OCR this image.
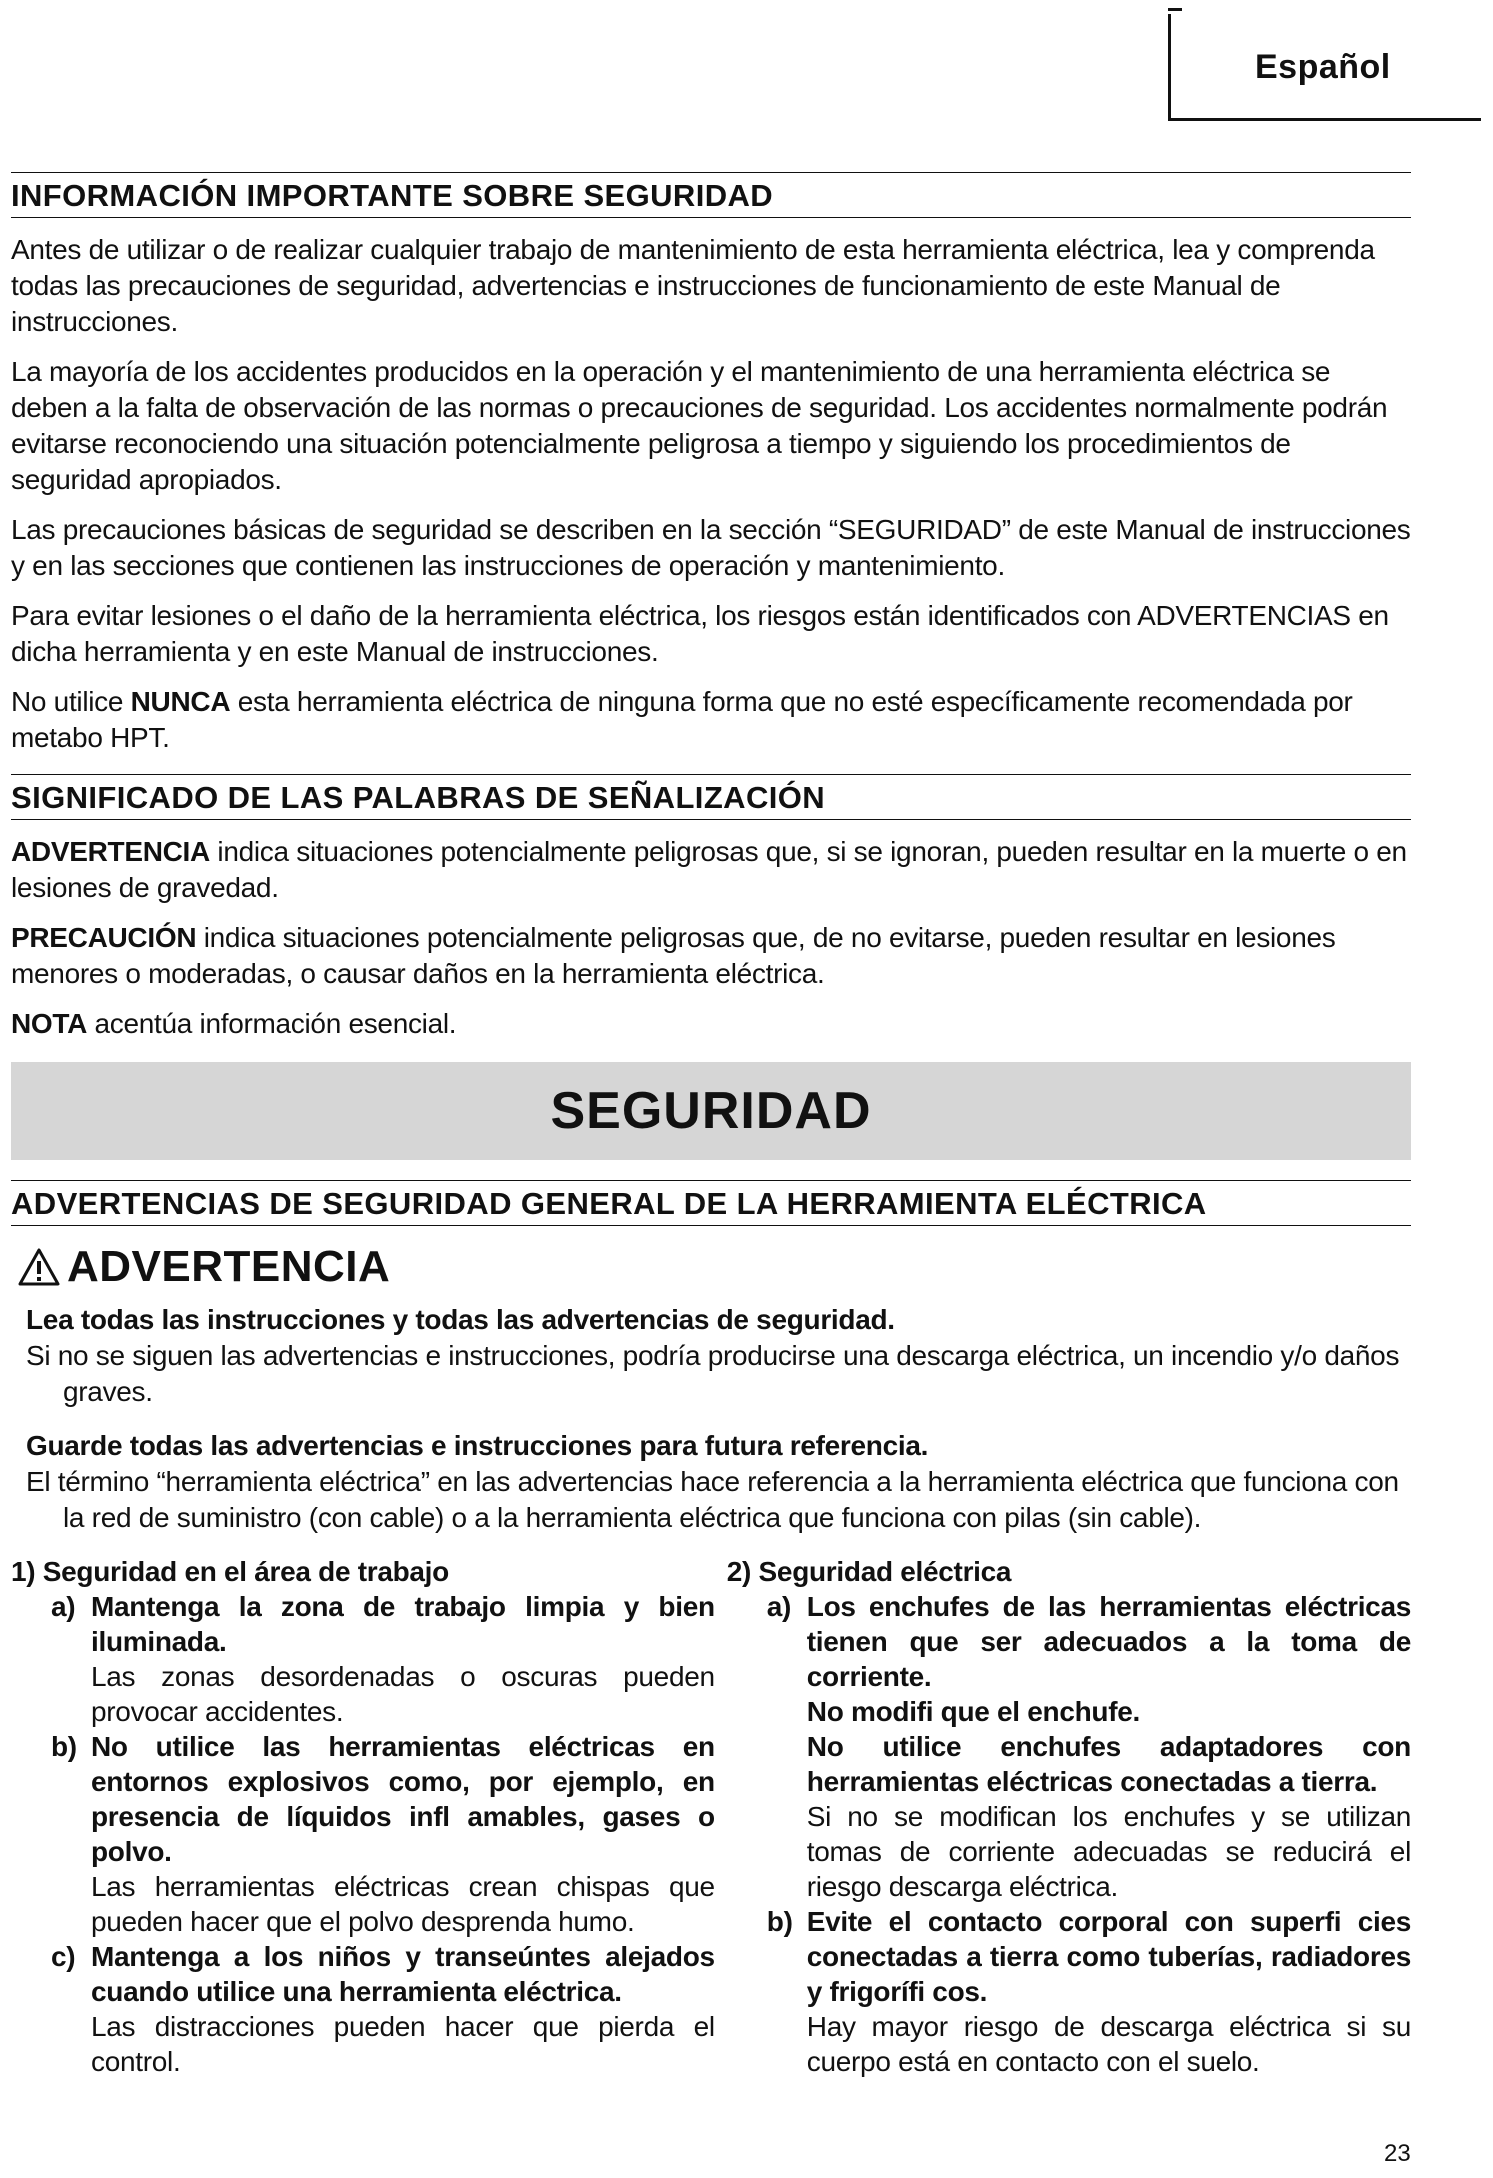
Español
INFORMACIÓN IMPORTANTE SOBRE SEGURIDAD

Antes de utilizar o de realizar cualquier trabajo de mantenimiento de esta herramienta eléctrica, lea y comprenda todas las precauciones de seguridad, advertencias e instrucciones de funcionamiento de este Manual de instrucciones.

La mayoría de los accidentes producidos en la operación y el mantenimiento de una herramienta eléctrica se deben a la falta de observación de las normas o precauciones de seguridad. Los accidentes normalmente podrán evitarse reconociendo una situación potencialmente peligrosa a tiempo y siguiendo los procedimientos de seguridad apropiados.

Las precauciones básicas de seguridad se describen en la sección “SEGURIDAD” de este Manual de instrucciones y en las secciones que contienen las instrucciones de operación y mantenimiento.

Para evitar lesiones o el daño de la herramienta eléctrica, los riesgos están identificados con ADVERTENCIAS en dicha herramienta y en este Manual de instrucciones.

No utilice NUNCA esta herramienta eléctrica de ninguna forma que no esté específicamente recomendada por metabo HPT.

SIGNIFICADO DE LAS PALABRAS DE SEÑALIZACIÓN

ADVERTENCIA indica situaciones potencialmente peligrosas que, si se ignoran, pueden resultar en la muerte o en lesiones de gravedad.

PRECAUCIÓN indica situaciones potencialmente peligrosas que, de no evitarse, pueden resultar en lesiones menores o moderadas, o causar daños en la herramienta eléctrica.

NOTA acentúa información esencial.

SEGURIDAD
ADVERTENCIAS DE SEGURIDAD GENERAL DE LA HERRAMIENTA ELÉCTRICA
ADVERTENCIA
Lea todas las instrucciones y todas las advertencias de seguridad.
Si no se siguen las advertencias e instrucciones, podría producirse una descarga eléctrica, un incendio y/o daños graves.
Guarde todas las advertencias e instrucciones para futura referencia.
El término “herramienta eléctrica” en las advertencias hace referencia a la herramienta eléctrica que funciona con la red de suministro (con cable) o a la herramienta eléctrica que funciona con pilas (sin cable).
1) Seguridad en el área de trabajo
a) Mantenga la zona de trabajo limpia y bien iluminada.
Las zonas desordenadas o oscuras pueden provocar accidentes.
b) No utilice las herramientas eléctricas en entornos explosivos como, por ejemplo, en presencia de líquidos infl amables, gases o polvo.
Las herramientas eléctricas crean chispas que pueden hacer que el polvo desprenda humo.
c) Mantenga a los niños y transeúntes alejados cuando utilice una herramienta eléctrica.
Las distracciones pueden hacer que pierda el control.
2) Seguridad eléctrica
a) Los enchufes de las herramientas eléctricas tienen que ser adecuados a la toma de corriente.
No modifi que el enchufe.
No utilice enchufes adaptadores con herramientas eléctricas conectadas a tierra.
Si no se modifican los enchufes y se utilizan tomas de corriente adecuadas se reducirá el riesgo descarga eléctrica.
b) Evite el contacto corporal con superfi cies conectadas a tierra como tuberías, radiadores y frigorífi cos.
Hay mayor riesgo de descarga eléctrica si su cuerpo está en contacto con el suelo.
23
